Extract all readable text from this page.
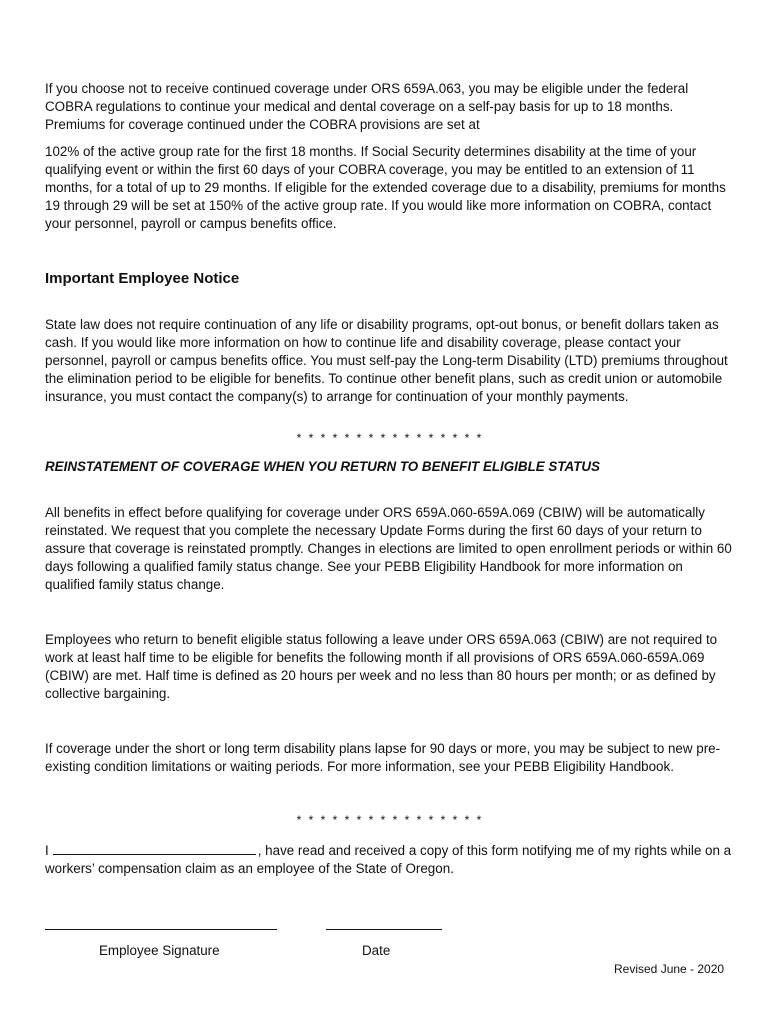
If you choose not to receive continued coverage under ORS 659A.063, you may be eligible under the federal COBRA regulations to continue your medical and dental coverage on a self-pay basis for up to 18 months. Premiums for coverage continued under the COBRA provisions are set at

102% of the active group rate for the first 18 months. If Social Security determines disability at the time of your qualifying event or within the first 60 days of your COBRA coverage, you may be entitled to an extension of 11 months, for a total of up to 29 months. If eligible for the extended coverage due to a disability, premiums for months 19 through 29 will be set at 150% of the active group rate. If you would like more information on COBRA, contact your personnel, payroll or campus benefits office.

Important Employee Notice

State law does not require continuation of any life or disability programs, opt-out bonus, or benefit dollars taken as cash. If you would like more information on how to continue life and disability coverage, please contact your personnel, payroll or campus benefits office. You must self-pay the Long-term Disability (LTD) premiums throughout the elimination period to be eligible for benefits. To continue other benefit plans, such as credit union or automobile insurance, you must contact the company(s) to arrange for continuation of your monthly payments.

* * * * * * * * * * * * * * * *
REINSTATEMENT OF COVERAGE WHEN YOU RETURN TO BENEFIT ELIGIBLE STATUS

All benefits in effect before qualifying for coverage under ORS 659A.060-659A.069 (CBIW) will be automatically reinstated. We request that you complete the necessary Update Forms during the first 60 days of your return to assure that coverage is reinstated promptly. Changes in elections are limited to open enrollment periods or within 60 days following a qualified family status change. See your PEBB Eligibility Handbook for more information on qualified family status change.

Employees who return to benefit eligible status following a leave under ORS 659A.063 (CBIW) are not required to work at least half time to be eligible for benefits the following month if all provisions of ORS 659A.060-659A.069 (CBIW) are met. Half time is defined as 20 hours per week and no less than 80 hours per month; or as defined by collective bargaining.

If coverage under the short or long term disability plans lapse for 90 days or more, you may be subject to new pre-existing condition limitations or waiting periods. For more information, see your PEBB Eligibility Handbook.

* * * * * * * * * * * * * * * *
I	, have read and received a copy of this form notifying me of my rights while on a workers’ compensation claim as an employee of the State of Oregon.
Employee Signature	Date
Revised June - 2020
